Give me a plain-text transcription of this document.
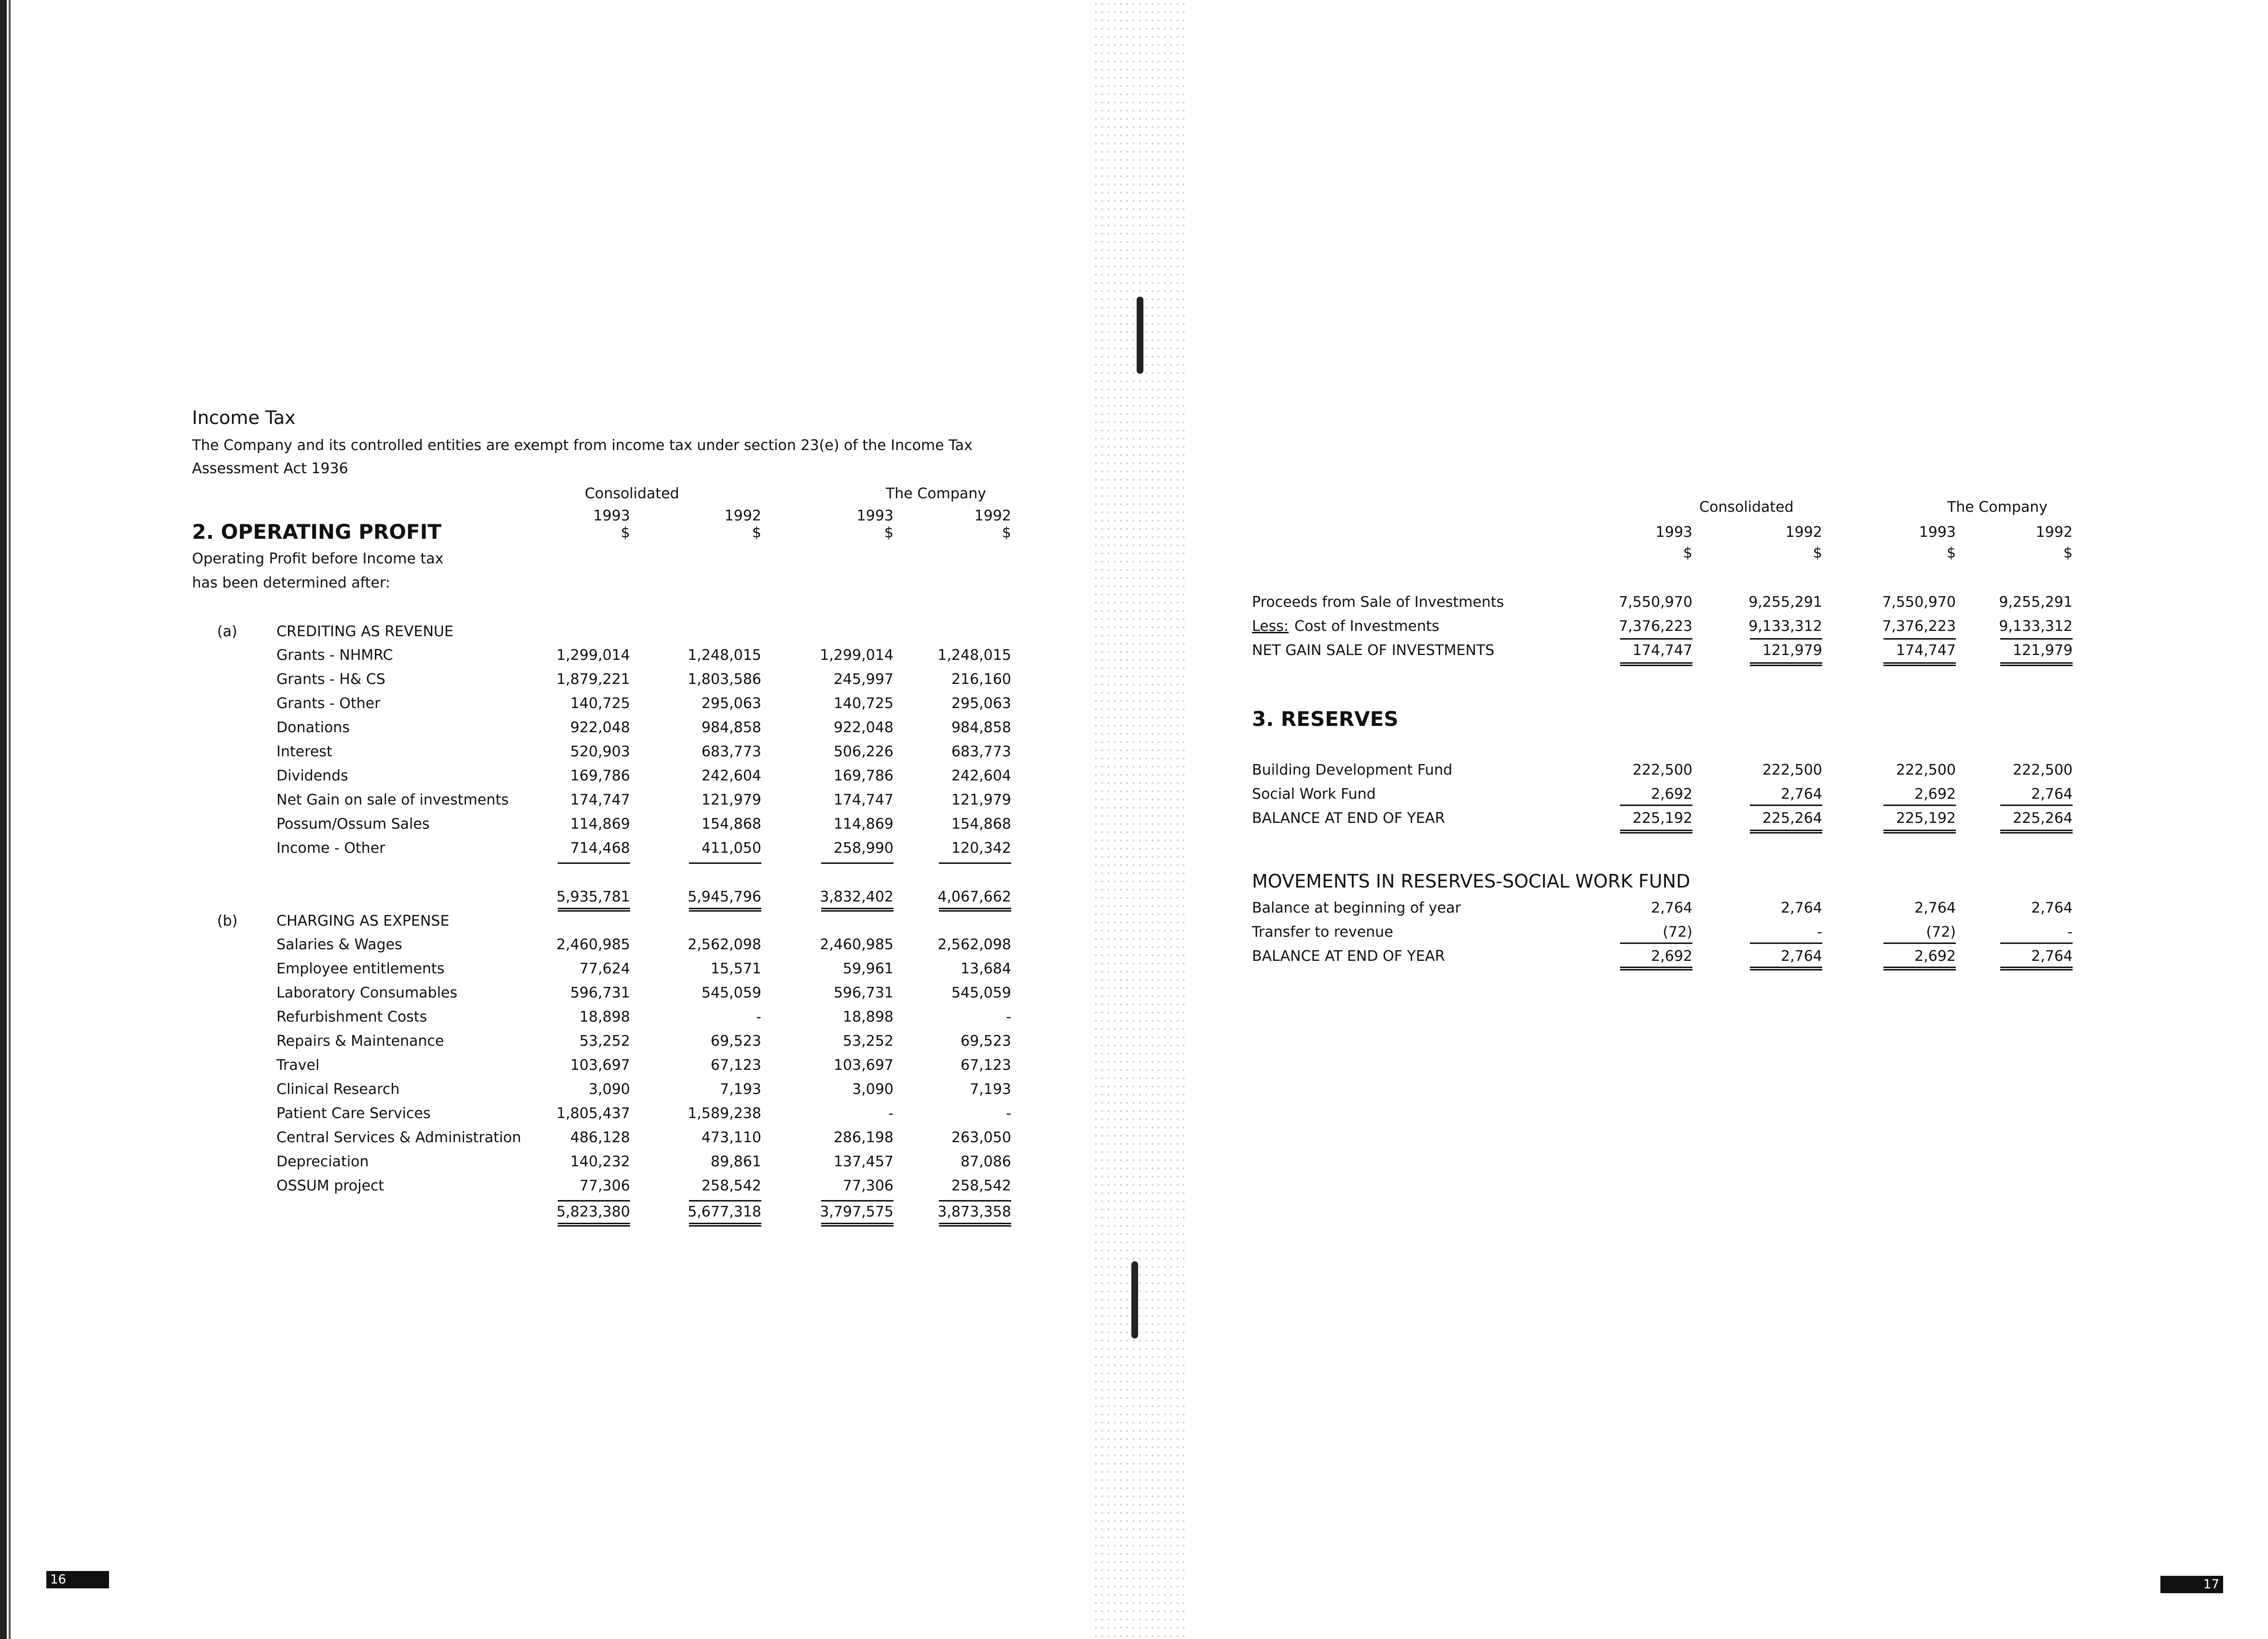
Income Tax
The Company and its controlled entities are exempt from income tax under section 23(e) of the Income Tax
Assessment Act 1936
Consolidated	The Company
2. OPERATING PROFIT
Operating Profit before Income tax
has been determined after:
1993
$
1992
$
1993
$
1992
$
Grants - NHMRC	1,299,014	1,248,015	1,299,014	1,248,015
Grants - H& CS	1,879,221	1,803,586	245,997	216,160
Grants - Other	140,725	295,063	140,725	295,063
Donations	922,048	984,858	922,048	984,858
Interest	520,903	683,773	506,226	683,773
Dividends	169,786	242,604	169,786	242,604
Net Gain on sale of investments	174,747	121,979	174,747	121,979
Possum/Ossum Sales	114,869	154,868	114,869	154,868
Income - Other	714,468	411,050	258,990	120,342
5,935,781	5,945,796	3,832,402	4,067,662
Salaries & Wages	2,460,985	2,562,098	2,460,985	2,562,098
Employee entitlements	77,624	15,571	59,961	13,684
Laboratory Consumables	596,731	545,059	596,731	545,059
Refurbishment Costs	18,898	-	18,898	-
Repairs & Maintenance	53,252	69,523	53,252	69,523
Travel	103,697	67,123	103,697	67,123
Clinical Research	3,090	7,193	3,090	7,193
Patient Care Services	1,805,437	1,589,238	-	-
Central Services & Administration	486,128	473,110	286,198	263,050
Depreciation	140,232	89,861	137,457	87,086
OSSUM project	77,306	258,542	77,306	258,542
5,823,380	5,677,318	3,797,575	3,873,358
(a)	CREDITING AS REVENUE
(b)	CHARGING AS EXPENSE
16
Consolidated	The Company
1993
$
1992
$
1993
$
1992
$
Proceeds from Sale of Investments	7,550,970	9,255,291	7,550,970	9,255,291
Less: Cost of Investments	7,376,223	9,133,312	7,376,223	9,133,312
NET GAIN SALE OF INVESTMENTS	174,747	121,979	174,747	121,979
3. RESERVES
Building Development Fund	222,500	222,500	222,500	222,500
Social Work Fund	2,692	2,764	2,692	2,764
BALANCE AT END OF YEAR	225,192	225,264	225,192	225,264
MOVEMENTS IN RESERVES-SOCIAL WORK FUND
Balance at beginning of year	2,764	2,764	2,764	2,764
Transfer to revenue	(72)	-	(72)	-
BALANCE AT END OF YEAR	2,692	2,764	2,692	2,764
17
